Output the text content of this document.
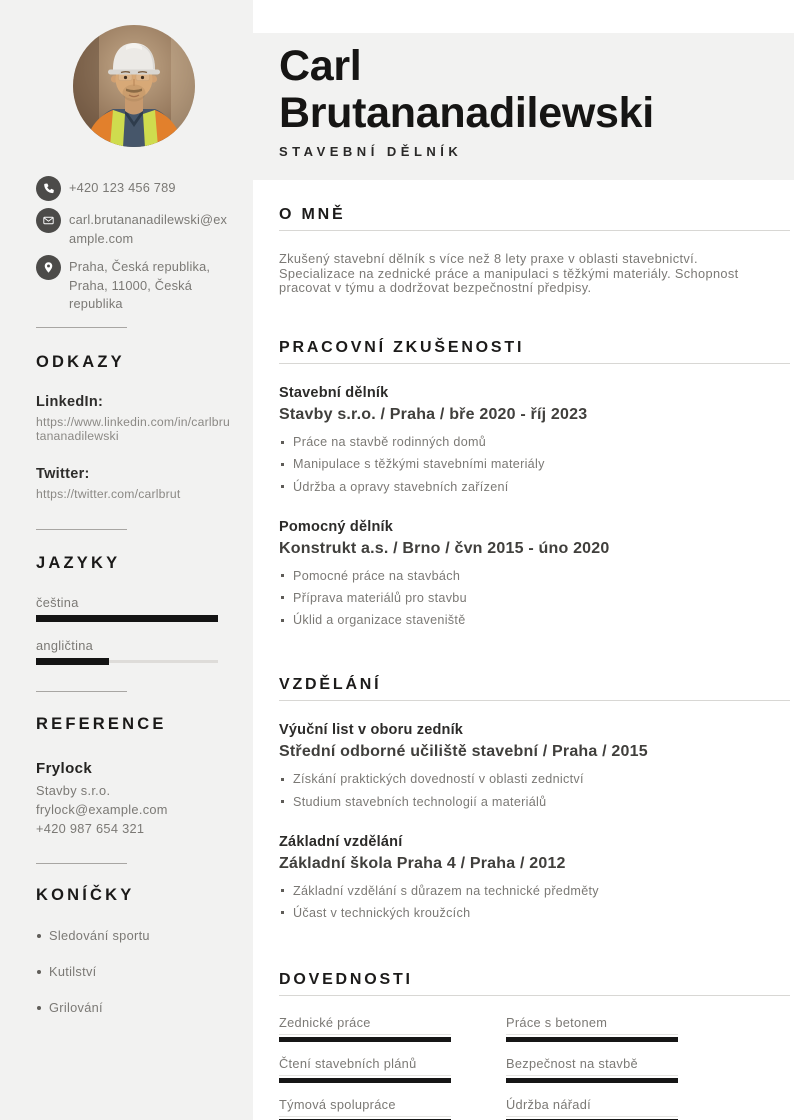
+420 123 456 789
carl.brutananadilewski@example.com
Praha, Česká republika, Praha, 11000, Česká republika
ODKAZY
LinkedIn:
https://www.linkedin.com/in/carlbrutananadilewski
Twitter:
https://twitter.com/carlbrut
JAZYKY
čeština
angličtina
REFERENCE
Frylock
Stavby s.r.o.
frylock@example.com
+420 987 654 321
KONÍČKY
Sledování sportu
Kutilství
Grilování
Carl Brutananadilewski
STAVEBNÍ DĚLNÍK
O MNĚ

Zkušený stavební dělník s více než 8 lety praxe v oblasti stavebnictví. Specializace na zednické práce a manipulaci s těžkými materiály. Schopnost pracovat v týmu a dodržovat bezpečnostní předpisy.

PRACOVNÍ ZKUŠENOSTI
Stavební dělník
Stavby s.r.o. / Praha / bře 2020 - říj 2023
Práce na stavbě rodinných domů
Manipulace s těžkými stavebními materiály
Údržba a opravy stavebních zařízení
Pomocný dělník
Konstrukt a.s. / Brno / čvn 2015 - úno 2020
Pomocné práce na stavbách
Příprava materiálů pro stavbu
Úklid a organizace staveniště
VZDĚLÁNÍ
Výuční list v oboru zedník
Střední odborné učiliště stavební / Praha / 2015
Získání praktických dovedností v oblasti zednictví
Studium stavebních technologií a materiálů
Základní vzdělání
Základní škola Praha 4 / Praha / 2012
Základní vzdělání s důrazem na technické předměty
Účast v technických kroužcích
DOVEDNOSTI
Zednické práce	Práce s betonem
Čtení stavebních plánů	Bezpečnost na stavbě
Týmová spolupráce	Údržba nářadí
